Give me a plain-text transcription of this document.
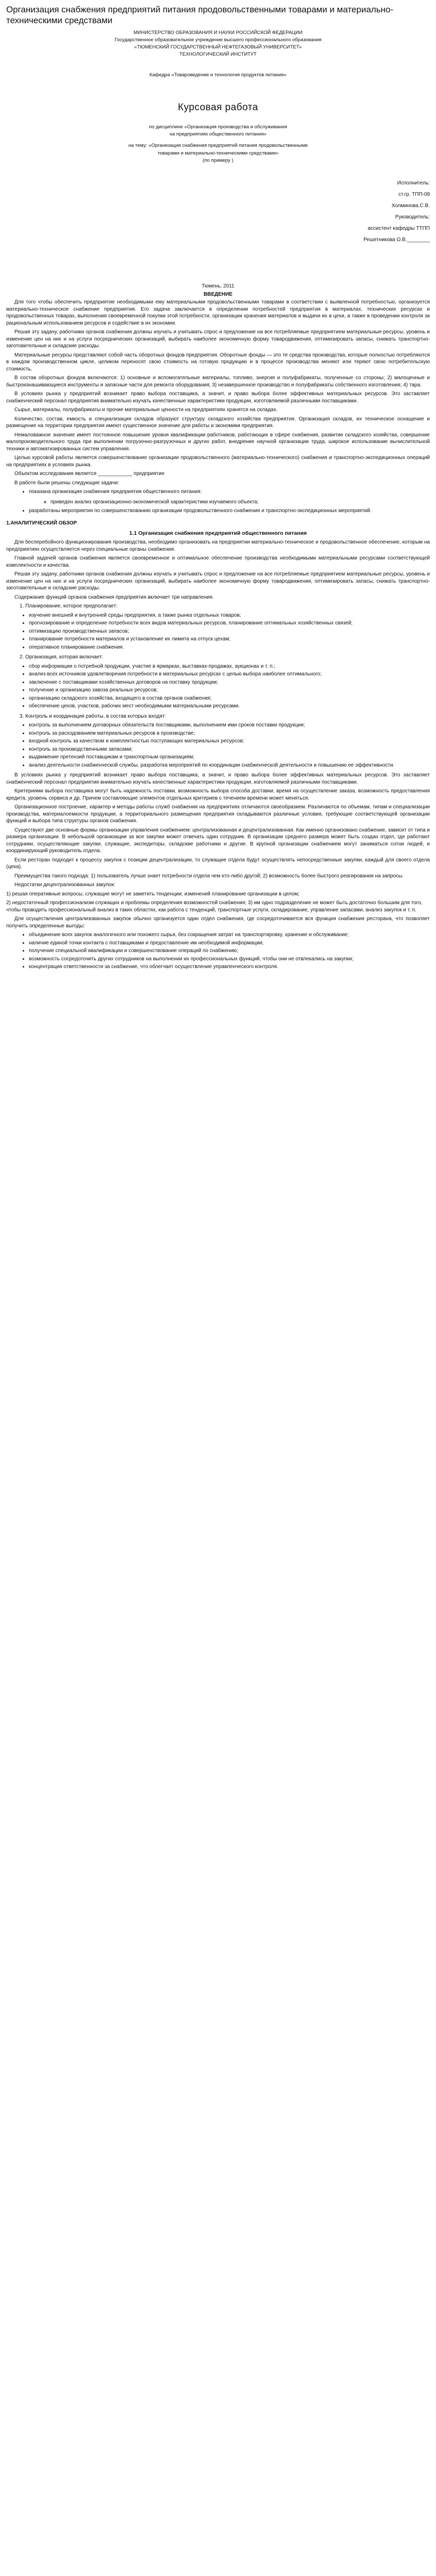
Организация снабжения предприятий питания продовольственными товарами и материально-техническими средствами

МИНИСТЕРСТВО ОБРАЗОВАНИЯ И НАУКИ РОССИЙСКОЙ ФЕДЕРАЦИИ

Государственное образовательное учреждение высшего профессионального образования

«ТЮМЕНСКИЙ ГОСУДАРСТВЕННЫЙ НЕФТЕГАЗОВЫЙ УНИВЕРСИТЕТ»

ТЕХНОЛОГИЧЕСКИЙ ИНСТИТУТ

Кафедра «Товароведение и технология продуктов питания»

Курсовая работа

по дисциплине «Организация производства и обслуживания

на предприятиях общественного питания»

на тему: «Организация снабжения предприятий питания продовольственными

товарами и материально-техническими средствами»

(по примеру )

Исполнитель:

ст.гр. ТПП-08

Холминова.С.В.

Руководитель:

ассистент кафедры ТТПП

Решетникова О.В.________

Тюмень, 2011

ВВЕДЕНИЕ

Для того чтобы обеспечить предприятие необходимыми ему материальными продовольственными товарами в соответствии с выявленной потребностью, организуется материально-техническое снабжение предприятия. Его задача заключается в определении потребностей предприятия в материалах, технических ресурсах и продовольственных товарах, выполнения своевременной покупки этой потребности, организации хранения материалов и выдачи их в цехи, а также в проведении контроля за рациональным использованием ресурсов и содействие в их экономии.

Решая эту задачу, работники органов снабжения должны изучать и учитывать спрос и предложение на все потребляемые предприятием материальные ресурсы, уровень и изменение цен на них и на услуги посреднических организаций, выбирать наиболее экономичную форму товародвижения, оптимизировать запасы, снижать транспортно-заготовительные и складские расходы.

Материальные ресурсы представляют собой часть оборотных фондов предприятия. Оборотные фонды — это те средства производства, которые полностью потребляются в каждом производственном цикле, целиком переносят свою стоимость на готовую продукцию и в процессе производства меняют или теряют свою потребительскую стоимость.

В состав оборотных фондов включаются: 1) основные и вспомогательные материалы, топливо, энергия и полуфабрикаты, полученные со стороны; 2) малоценные и быстроизнашивающиеся инструменты и запасные части для ремонта оборудования; 3) незавершенное производство и полуфабрикаты собственного изготовления; 4) тара.

В условиях рынка у предприятий возникает право выбора поставщика, а значит, и право выбора более эффективных материальных ресурсов. Это заставляет снабженческий персонал предприятия внимательно изучать качественные характеристики продукции, изготовляемой различными поставщиками.

Сырье, материалы, полуфабрикаты и прочие материальные ценности на предприятиях хранятся на складах.

Количество, состав, емкость и специализация складов образуют структуру складского хозяйства предприятия. Организация складов, их техническое оснащение и размещение на территории предприятия имеют существенное значение для работы и экономики предприятия.

Немаловажное значение имеет постоянное повышение уровня квалификации работников, работающих в сфере снабжения, развитие складского хозяйства, совершение малопроизводительного труда при выполнении погрузочно-разгрузочных и других работ, внедрение научной организации труда, широкое использование вычислительной техники и автоматизированных систем управления.

Целью курсовой работы является совершенствование организации продовольственного (материально-технического) снабжения и транспортно-экспедиционных операций на предприятиях в условиях рынка.

Объектом исследования является ____________ предприятие

В работе были решены следующие задачи:

• показана организация снабжения предприятия общественного питания:
◦ приведен анализ организационно-экономической характеристики изучаемого объекта;
• разработаны мероприятия по совершенствованию организации продовольственного снабжения и транспортно-экспедиционных мероприятий.

1.АНАЛИТИЧЕСКИЙ ОБЗОР

1.1 Организация снабжения предприятий общественного питания

Для бесперебойного функционирования производства, необходимо организовать на предприятии материально-техническое и продовольственное обеспечение, которым на предприятиях осуществляется через специальные органы снабжения.

Главной задачей органов снабжения является своевременное и оптимальное обеспечение производства необходимыми материальными ресурсами соответствующей комплектности и качества.

Решая эту задачу, работники органов снабжения должны изучать и учитывать спрос и предложение на все потребляемые предприятием материальные ресурсы, уровень и изменение цен на них и на услуги посреднических организаций, выбирать наиболее экономичную форму товародвижения, оптимизировать запасы, снижать транспортно-заготовительные и складские расходы.

Содержание функций органов снабжения предприятия включает три направления.

1. Планирование, которое предполагает:

• изучение внешней и внутренней среды предприятия, а также рынка отдельных товаров;
• прогнозирование и определение потребности всех видов материальных ресурсов, планирование оптимальных хозяйственных связей;
• оптимизацию производственных запасов;
• планирование потребности материалов и установление их лимита на отпуск цехам;
• оперативное планирование снабжения.

2. Организация, которая включает:

• сбор информации о потребной продукции, участие в ярмарках, выставках-продажах, аукционах и т. п.;
• анализ всех источников удовлетворения потребности в материальных ресурсах с целью выбора наиболее оптимального;
• заключение с поставщиками хозяйственных договоров на поставку продукции;
• получение и организацию завоза реальных ресурсов;
• организацию складского хозяйства, входящего в состав органов снабжения;
• обеспечение цехов, участков, рабочих мест необходимыми материальными ресурсами.

3. Контроль и координация работы, в состав которых входят:

• контроль за выполнением договорных обязательств поставщиками, выполнением ими сроков поставки продукции;
• контроль за расходованием материальных ресурсов в производстве;
• входной контроль за качеством и комплектностью поступающих материальных ресурсов;
• контроль за производственными запасами;
• выдвижение претензий поставщикам и транспортным организациям;
• анализ деятельности снабженческой службы, разработка мероприятий по координации снабженческой деятельности и повышению ее эффективности.

В условиях рынка у предприятий возникает право выбора поставщика, а значит, и право выбора более эффективных материальных ресурсов. Это заставляет снабженческий персонал предприятия внимательно изучать качественные характеристики продукции, изготовляемой различными поставщиками.

Критериями выбора поставщика могут быть надежность поставки, возможность выбора способа доставки, время на осуществление заказа, возможность предоставления кредита, уровень сервиса и др. Причем составляющие элементов отдельных критериев с течением времени может меняться.

Организационное построение, характер и методы работы служб снабжения на предприятиях отличаются своеобразием. Различаются по объемам, типам и специализации производства, материалоемкости продукции, а территориального размещения предприятия складываются различные условия, требующие соответствующей организации функций и выбора типа структуры органов снабжения.

Существуют две основные формы организации управления снабжением: централизованная и децентрализованная. Как именно организовано снабжение, зависит от типа и размера организации. В небольшой организации за все закупки может отвечать один сотрудник. В организации среднего размера может быть создан отдел, где работают сотрудники, осуществляющие закупки, служащие, экспедиторы, складские работники и другие. В крупной организации снабжением могут заниматься сотни людей, и координирующий руководитель отдела.

Если ресторан подходит к процессу закупок с позиции децентрализации, то служащие отдела будут осуществлять непосредственные закупки, каждый для своего отдела (цеха).

Преимущества такого подхода: 1) пользователь лучше знает потребности отдела чем кто-либо другой; 2) возможность более быстрого реагирования на запросы.

Недостатки децентрализованных закупок:

1) решая оперативные вопросы, служащие могут не заметить тенденции; изменений планирование организации в целом;

2) недостаточный профессионализм служащих и проблемы определения возможностей снабжения; 3) им одно подразделение не может быть достаточно большим для того, чтобы проводить профессиональный анализ в таких областях, как работа с тенденций, транспортные услуги, складирование, управление запасами, анализ закупок и т. п.

Для осуществления централизованных закупок обычно организуется один отдел снабжения, где сосредоточивается вся функция снабжения ресторана, что позволяет получить определенные выгоды:

• объединение всех закупок аналогичного или похожего сырья, без сокращения затрат на транспортировку, хранение и обслуживание;
• наличие единой точки контакта с поставщиками и предоставление им необходимой информации;
• получение специальной квалификации и совершенствование операций по снабжению;
• возможность сосредоточить других сотрудников на выполнении их профессиональных функций, чтобы они не отвлекались на закупки;
• концентрация ответственности за снабжение, что облегчает осуществление управленческого контроля.
